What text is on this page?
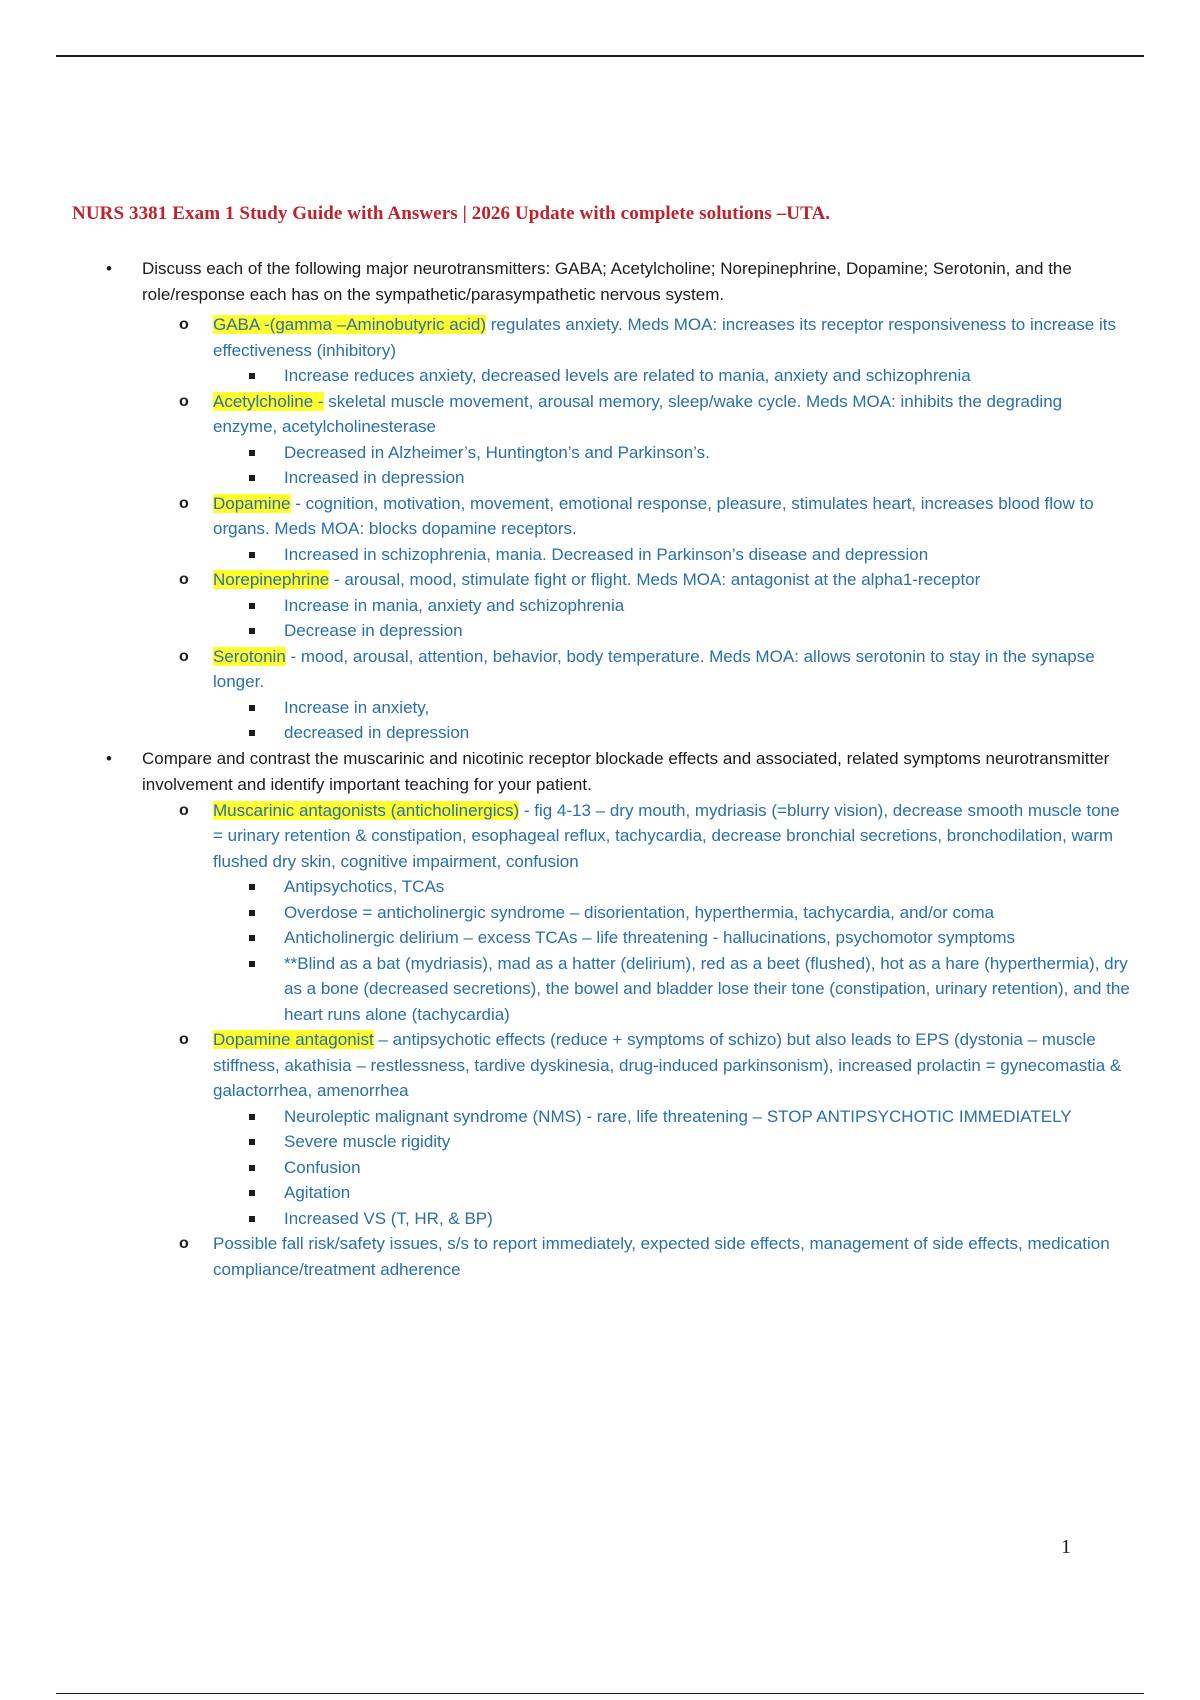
NURS 3381 Exam 1 Study Guide with Answers | 2026 Update with complete solutions –UTA.
• Discuss each of the following major neurotransmitters: GABA; Acetylcholine; Norepinephrine, Dopamine; Serotonin, and the role/response each has on the sympathetic/parasympathetic nervous system.
o GABA -(gamma –Aminobutyric acid) regulates anxiety. Meds MOA: increases its receptor responsiveness to increase its effectiveness (inhibitory)
Increase reduces anxiety, decreased levels are related to mania, anxiety and schizophrenia
o Acetylcholine - skeletal muscle movement, arousal memory, sleep/wake cycle. Meds MOA: inhibits the degrading enzyme, acetylcholinesterase
Decreased in Alzheimer’s, Huntington’s and Parkinson’s.
Increased in depression
o Dopamine - cognition, motivation, movement, emotional response, pleasure, stimulates heart, increases blood flow to organs. Meds MOA: blocks dopamine receptors.
Increased in schizophrenia, mania. Decreased in Parkinson’s disease and depression
o Norepinephrine - arousal, mood, stimulate fight or flight. Meds MOA: antagonist at the alpha1-receptor
Increase in mania, anxiety and schizophrenia
Decrease in depression
o Serotonin - mood, arousal, attention, behavior, body temperature. Meds MOA: allows serotonin to stay in the synapse longer.
Increase in anxiety,
decreased in depression
• Compare and contrast the muscarinic and nicotinic receptor blockade effects and associated, related symptoms neurotransmitter involvement and identify important teaching for your patient.
o Muscarinic antagonists (anticholinergics) - fig 4-13 – dry mouth, mydriasis (=blurry vision), decrease smooth muscle tone = urinary retention & constipation, esophageal reflux, tachycardia, decrease bronchial secretions, bronchodilation, warm flushed dry skin, cognitive impairment, confusion
Antipsychotics, TCAs
Overdose = anticholinergic syndrome – disorientation, hyperthermia, tachycardia, and/or coma
Anticholinergic delirium – excess TCAs – life threatening - hallucinations, psychomotor symptoms
**Blind as a bat (mydriasis), mad as a hatter (delirium), red as a beet (flushed), hot as a hare (hyperthermia), dry as a bone (decreased secretions), the bowel and bladder lose their tone (constipation, urinary retention), and the heart runs alone (tachycardia)
o Dopamine antagonist – antipsychotic effects (reduce + symptoms of schizo) but also leads to EPS (dystonia – muscle stiffness, akathisia – restlessness, tardive dyskinesia, drug-induced parkinsonism), increased prolactin = gynecomastia & galactorrhea, amenorrhea
Neuroleptic malignant syndrome (NMS) - rare, life threatening – STOP ANTIPSYCHOTIC IMMEDIATELY
Severe muscle rigidity
Confusion
Agitation
Increased VS (T, HR, & BP)
o Possible fall risk/safety issues, s/s to report immediately, expected side effects, management of side effects, medication compliance/treatment adherence
1
